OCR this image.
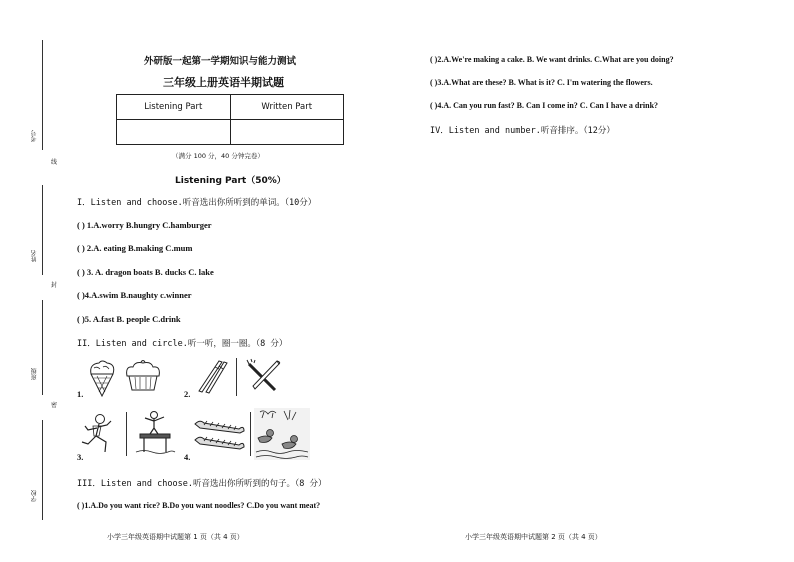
考号
姓名
班级
学校
线
封
密
外研版一起第一学期知识与能力测试
三年级上册英语半期试题
Listening Part	Written Part

（满分 100 分，40 分钟完卷）
Listening Part（50%）
I．Listen and choose.听音选出你所听到的单词。（10分）
( ) 1.A.worry B.hungry C.hamburger
( ) 2.A. eating B.making C.mum
( ) 3. A. dragon boats B. ducks C. lake
( )4.A.swim B.naughty c.winner
( )5. A.fast B. people C.drink
II．Listen and circle.听一听，圈一圈。（8 分）
1.	2.
3.	4.
III．Listen and choose.听音选出你所听到的句子。（8 分）
( )1.A.Do you want rice? B.Do you want noodles? C.Do you want meat?
( )2.A.We're making a cake. B. We want drinks. C.What are you doing?
( )3.A.What are these? B. What is it? C. I'm watering the flowers.
( )4.A. Can you run fast? B. Can I come in? C. Can I have a drink?
IV．Listen and number.听音排序。（12分）
小学三年级英语期中试题第 1 页（共 4 页）	小学三年级英语期中试题第 2 页（共 4 页）
